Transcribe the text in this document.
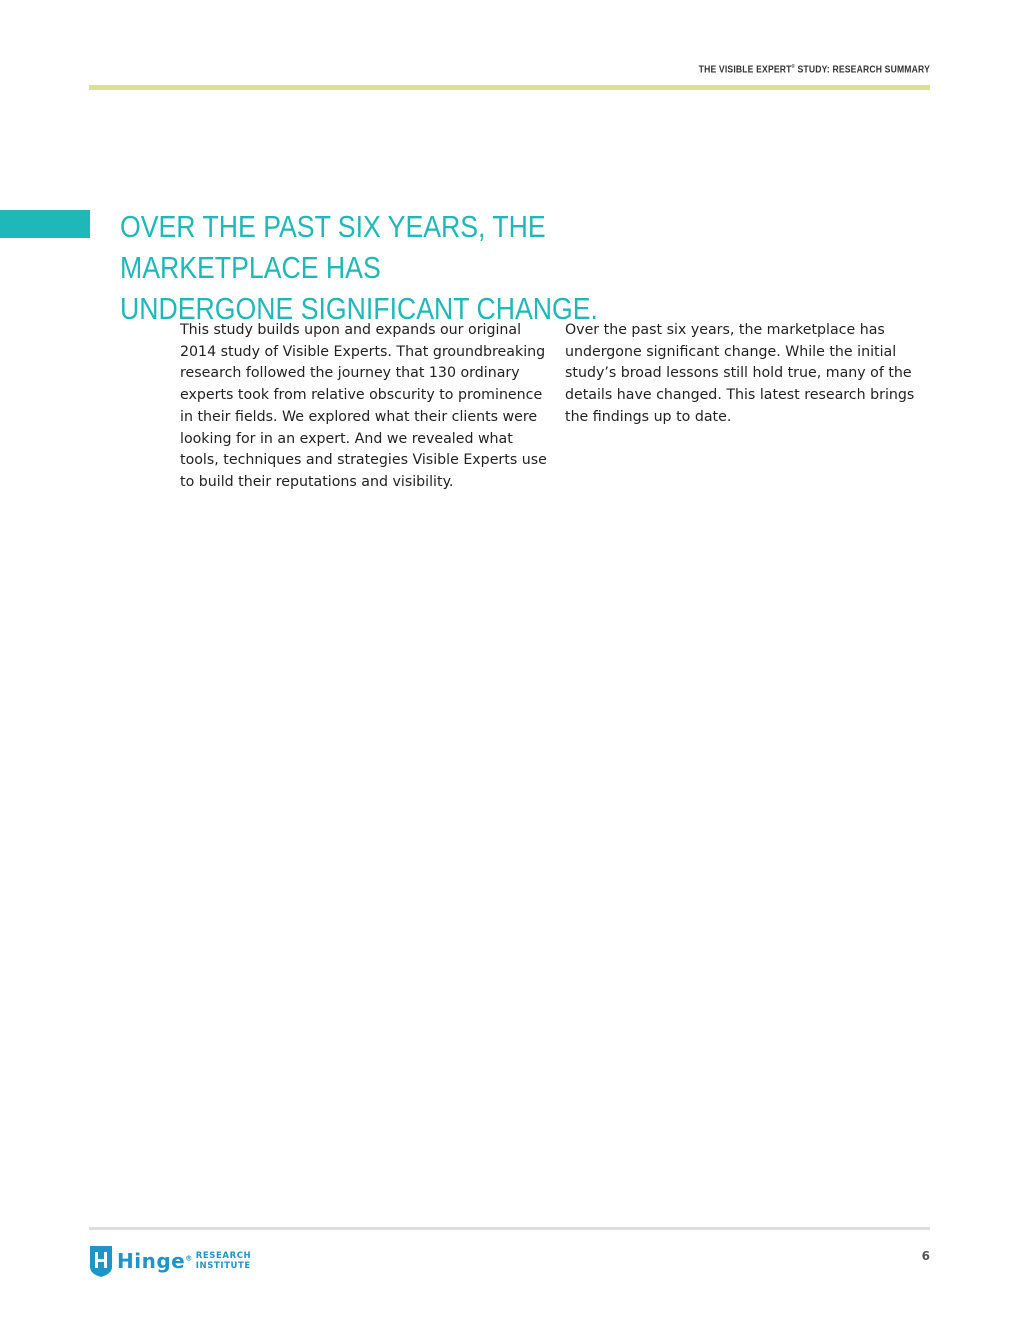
THE VISIBLE EXPERT® STUDY: RESEARCH SUMMARY
OVER THE PAST SIX YEARS, THE MARKETPLACE HAS
UNDERGONE SIGNIFICANT CHANGE.

This study builds upon and expands our original 2014 study of Visible Experts. That groundbreaking research followed the journey that 130 ordinary experts took from relative obscurity to prominence in their fields. We explored what their clients were looking for in an expert. And we revealed what tools, techniques and strategies Visible Experts use to build their reputations and visibility.

Over the past six years, the marketplace has undergone significant change. While the initial study’s broad lessons still hold true, many of the details have changed. This latest research brings the findings up to date.

Hinge® RESEARCH
INSTITUTE
6
